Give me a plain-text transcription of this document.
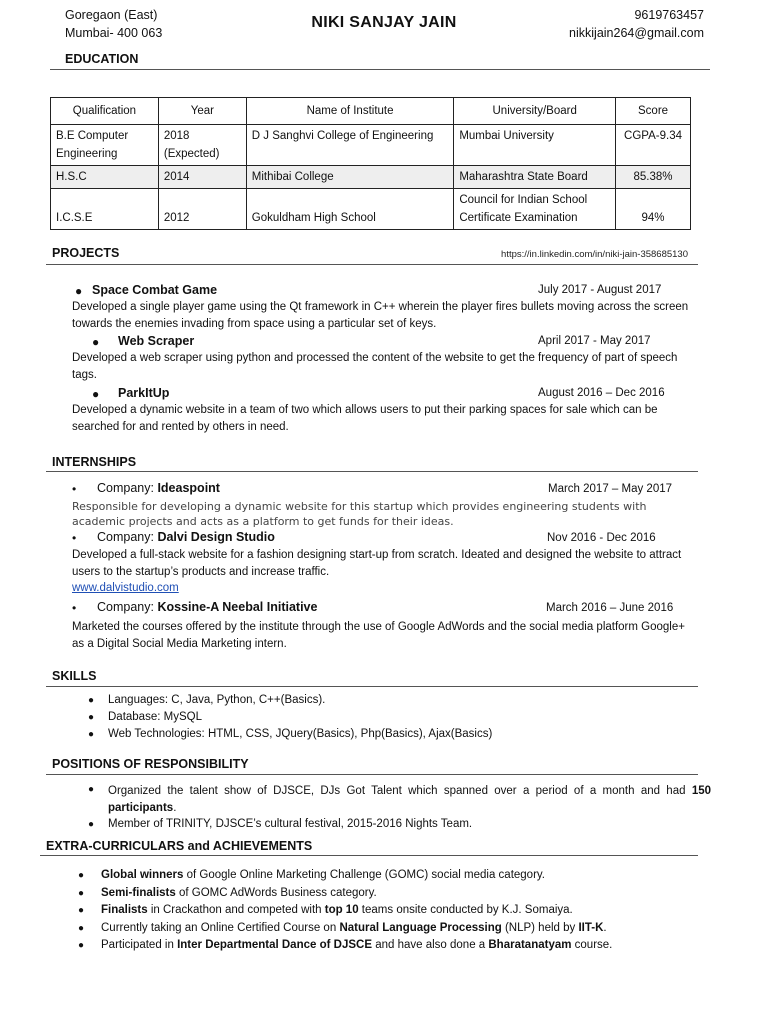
Goregaon (East)
Mumbai- 400 063
NIKI SANJAY JAIN	9619763457
nikkijain264@gmail.com
EDUCATION
Qualification	Year	Name of Institute	University/Board	Score
B.E Computer Engineering	2018 (Expected)	D J Sanghvi College of Engineering	Mumbai University	CGPA-9.34
H.S.C	2014	Mithibai College	Maharashtra State Board	85.38%
I.C.S.E	2012	Gokuldham High School	Council for Indian School Certificate Examination	94%
PROJECTS	https://in.linkedin.com/in/niki-jain-358685130
● Space Combat Game	July 2017 - August 2017
Developed a single player game using the Qt framework in C++ wherein the player fires bullets moving across the screen towards the enemies invading from space using a particular set of keys.
● Web Scraper	April 2017 - May 2017
Developed a web scraper using python and processed the content of the website to get the frequency of part of speech tags.
● ParkItUp	August 2016 – Dec 2016
Developed a dynamic website in a team of two which allows users to put their parking spaces for sale which can be searched for and rented by others in need.
INTERNSHIPS
• Company: Ideaspoint	March 2017 – May 2017
Responsible for developing a dynamic website for this startup which provides engineering students with academic projects and acts as a platform to get funds for their ideas.
• Company: Dalvi Design Studio	Nov 2016 - Dec 2016
Developed a full-stack website for a fashion designing start-up from scratch. Ideated and designed the website to attract users to the startup’s products and increase traffic.
www.dalvistudio.com
• Company: Kossine-A Neebal Initiative	March 2016 – June 2016
Marketed the courses offered by the institute through the use of Google AdWords and the social media platform Google+ as a Digital Social Media Marketing intern.
SKILLS
● Languages: C, Java, Python, C++(Basics).
● Database: MySQL
● Web Technologies: HTML, CSS, JQuery(Basics), Php(Basics), Ajax(Basics)
POSITIONS OF RESPONSIBILITY
●	Organized the talent show of DJSCE, DJs Got Talent which spanned over a period of a month and had 150 participants.
●	Member of TRINITY, DJSCE’s cultural festival, 2015-2016 Nights Team.
EXTRA-CURRICULARS and ACHIEVEMENTS
● Global winners of Google Online Marketing Challenge (GOMC) social media category.
● Semi-finalists of GOMC AdWords Business category.
● Finalists in Crackathon and competed with top 10 teams onsite conducted by K.J. Somaiya.
● Currently taking an Online Certified Course on Natural Language Processing (NLP) held by IIT-K.
● Participated in Inter Departmental Dance of DJSCE and have also done a Bharatanatyam course.
